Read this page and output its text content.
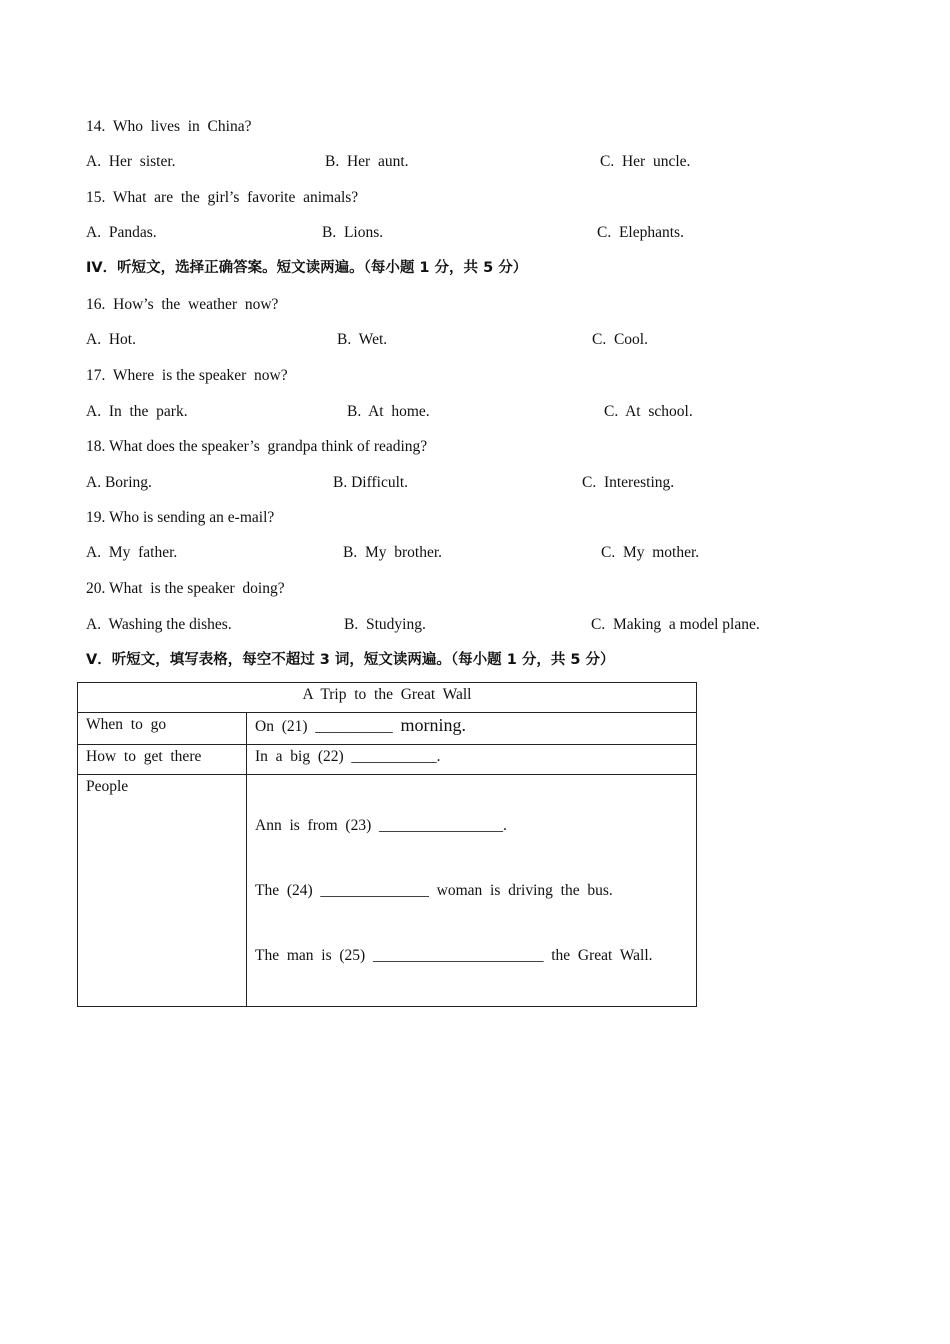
14.  Who  lives  in  China?
A.  Her  sister.	B.  Her  aunt.	C.  Her  uncle.
15.  What  are  the  girl’s  favorite  animals?
A.  Pandas.	B.  Lions.	C.  Elephants.
IV．听短文，选择正确答案。短文读两遍。（每小题 1 分，共 5 分）
16.  How’s  the  weather  now?
A.  Hot.	B.  Wet.	C.  Cool.
17.  Where  is the speaker  now?
A.  In  the  park.	B.  At  home.	C.  At  school.
18. What does the speaker’s  grandpa think of reading?
A. Boring.	B. Difficult.	C.  Interesting.
19. Who is sending an e-mail?
A.  My  father.	B.  My  brother.	C.  My  mother.
20. What  is the speaker  doing?
A.  Washing the dishes.	B.  Studying.	C.  Making  a model plane.
V．听短文，填写表格，每空不超过 3 词，短文读两遍。（每小题 1 分，共 5 分）
A  Trip  to  the  Great  Wall	
When  to  go	On  (21)  __________  morning.
How  to  get  there	In  a  big  (22)  ___________.
People	Ann  is  from  (23)  ________________.

The  (24)  ______________  woman  is  driving  the  bus.

The  man  is  (25)  ______________________  the  Great  Wall.
